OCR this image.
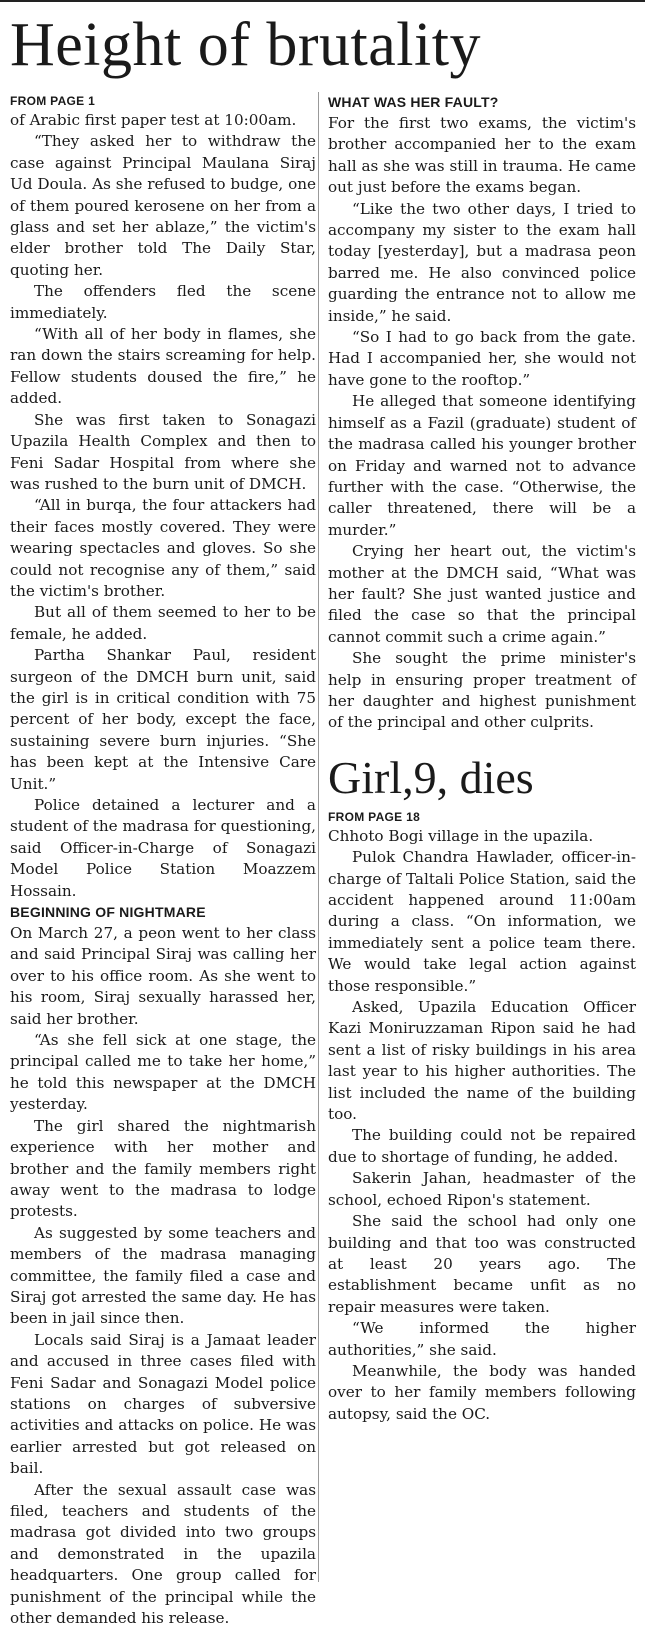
Height of brutality
FROM PAGE 1

of Arabic first paper test at 10:00am.

“They asked her to withdraw the case against Principal Maulana Siraj Ud Doula. As she refused to budge, one of them poured kerosene on her from a glass and set her ablaze,” the victim's elder brother told The Daily Star, quoting her.

The offenders fled the scene immediately.

“With all of her body in flames, she ran down the stairs screaming for help. Fellow students doused the fire,” he added.

She was first taken to Sonagazi Upazila Health Complex and then to Feni Sadar Hospital from where she was rushed to the burn unit of DMCH.

“All in burqa, the four attackers had their faces mostly covered. They were wearing spectacles and gloves. So she could not recognise any of them,” said the victim's brother.

But all of them seemed to her to be female, he added.

Partha Shankar Paul, resident surgeon of the DMCH burn unit, said the girl is in critical condition with 75 percent of her body, except the face, sustaining severe burn injuries. “She has been kept at the Intensive Care Unit.”

Police detained a lecturer and a student of the madrasa for questioning, said Officer-in-Charge of Sonagazi Model Police Station Moazzem Hossain.

BEGINNING OF NIGHTMARE

On March 27, a peon went to her class and said Principal Siraj was calling her over to his office room. As she went to his room, Siraj sexually harassed her, said her brother.

“As she fell sick at one stage, the principal called me to take her home,” he told this newspaper at the DMCH yesterday.

The girl shared the nightmarish experience with her mother and brother and the family members right away went to the madrasa to lodge protests.

As suggested by some teachers and members of the madrasa managing committee, the family filed a case and Siraj got arrested the same day. He has been in jail since then.

Locals said Siraj is a Jamaat leader and accused in three cases filed with Feni Sadar and Sonagazi Model police stations on charges of subversive activities and attacks on police. He was earlier arrested but got released on bail.

After the sexual assault case was filed, teachers and students of the madrasa got divided into two groups and demonstrated in the upazila headquarters. One group called for punishment of the principal while the other demanded his release.

WHAT WAS HER FAULT?

For the first two exams, the victim's brother accompanied her to the exam hall as she was still in trauma. He came out just before the exams began.

“Like the two other days, I tried to accompany my sister to the exam hall today [yesterday], but a madrasa peon barred me. He also convinced police guarding the entrance not to allow me inside,” he said.

“So I had to go back from the gate. Had I accompanied her, she would not have gone to the rooftop.”

He alleged that someone identifying himself as a Fazil (graduate) student of the madrasa called his younger brother on Friday and warned not to advance further with the case. “Otherwise, the caller threatened, there will be a murder.”

Crying her heart out, the victim's mother at the DMCH said, “What was her fault? She just wanted justice and filed the case so that the principal cannot commit such a crime again.”

She sought the prime minister's help in ensuring proper treatment of her daughter and highest punishment of the principal and other culprits.

Girl,9, dies
FROM PAGE 18

Chhoto Bogi village in the upazila.

Pulok Chandra Hawlader, officer-in-charge of Taltali Police Station, said the accident happened around 11:00am during a class. “On information, we immediately sent a police team there. We would take legal action against those responsible.”

Asked, Upazila Education Officer Kazi Moniruzzaman Ripon said he had sent a list of risky buildings in his area last year to his higher authorities. The list included the name of the building too.

The building could not be repaired due to shortage of funding, he added.

Sakerin Jahan, headmaster of the school, echoed Ripon's statement.

She said the school had only one building and that too was constructed at least 20 years ago. The establishment became unfit as no repair measures were taken.

“We informed the higher authorities,” she said.

Meanwhile, the body was handed over to her family members following autopsy, said the OC.
